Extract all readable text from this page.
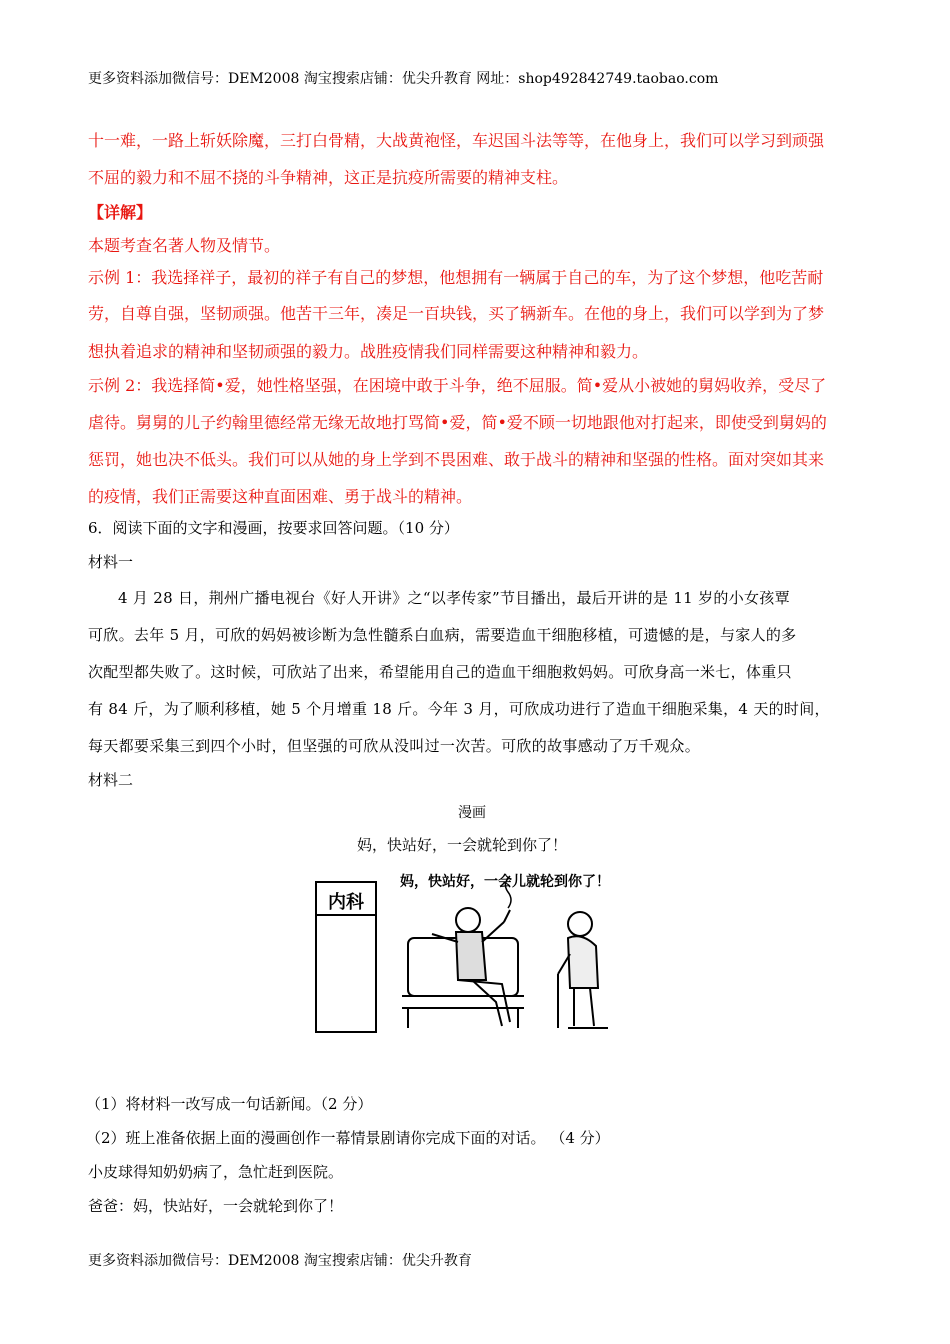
更多资料添加微信号：DEM2008 淘宝搜索店铺：优尖升教育 网址：shop492842749.taobao.com
十一难，一路上斩妖除魔，三打白骨精，大战黄袍怪，车迟国斗法等等，在他身上，我们可以学习到顽强
不屈的毅力和不屈不挠的斗争精神，这正是抗疫所需要的精神支柱。
【详解】
本题考查名著人物及情节。
示例 1：我选择祥子，最初的祥子有自己的梦想，他想拥有一辆属于自己的车，为了这个梦想，他吃苦耐
劳，自尊自强，坚韧顽强。他苦干三年，凑足一百块钱，买了辆新车。在他的身上，我们可以学到为了梦
想执着追求的精神和坚韧顽强的毅力。战胜疫情我们同样需要这种精神和毅力。
示例 2：我选择简•爱，她性格坚强，在困境中敢于斗争，绝不屈服。简•爱从小被她的舅妈收养，受尽了
虐待。舅舅的儿子约翰里德经常无缘无故地打骂简•爱，简•爱不顾一切地跟他对打起来，即使受到舅妈的
惩罚，她也决不低头。我们可以从她的身上学到不畏困难、敢于战斗的精神和坚强的性格。面对突如其来
的疫情，我们正需要这种直面困难、勇于战斗的精神。
6．阅读下面的文字和漫画，按要求回答问题。（10 分）
材料一
4 月 28 日，荆州广播电视台《好人开讲》之“以孝传家”节目播出，最后开讲的是 11 岁的小女孩覃
可欣。去年 5 月，可欣的妈妈被诊断为急性髓系白血病，需要造血干细胞移植，可遗憾的是，与家人的多
次配型都失败了。这时候，可欣站了出来，希望能用自己的造血干细胞救妈妈。可欣身高一米七，体重只
有 84 斤，为了顺利移植，她 5 个月增重 18 斤。今年 3 月，可欣成功进行了造血干细胞采集，4 天的时间，
每天都要采集三到四个小时，但坚强的可欣从没叫过一次苦。可欣的故事感动了万千观众。
材料二
漫画
妈，快站好，一会就轮到你了！
内科
妈，快站好，一会儿就轮到你了！
（1）将材料一改写成一句话新闻。（2 分）
（2）班上准备依据上面的漫画创作一幕情景剧请你完成下面的对话。 （4 分）
小皮球得知奶奶病了，急忙赶到医院。
爸爸：妈，快站好，一会就轮到你了！
更多资料添加微信号：DEM2008 淘宝搜索店铺：优尖升教育
